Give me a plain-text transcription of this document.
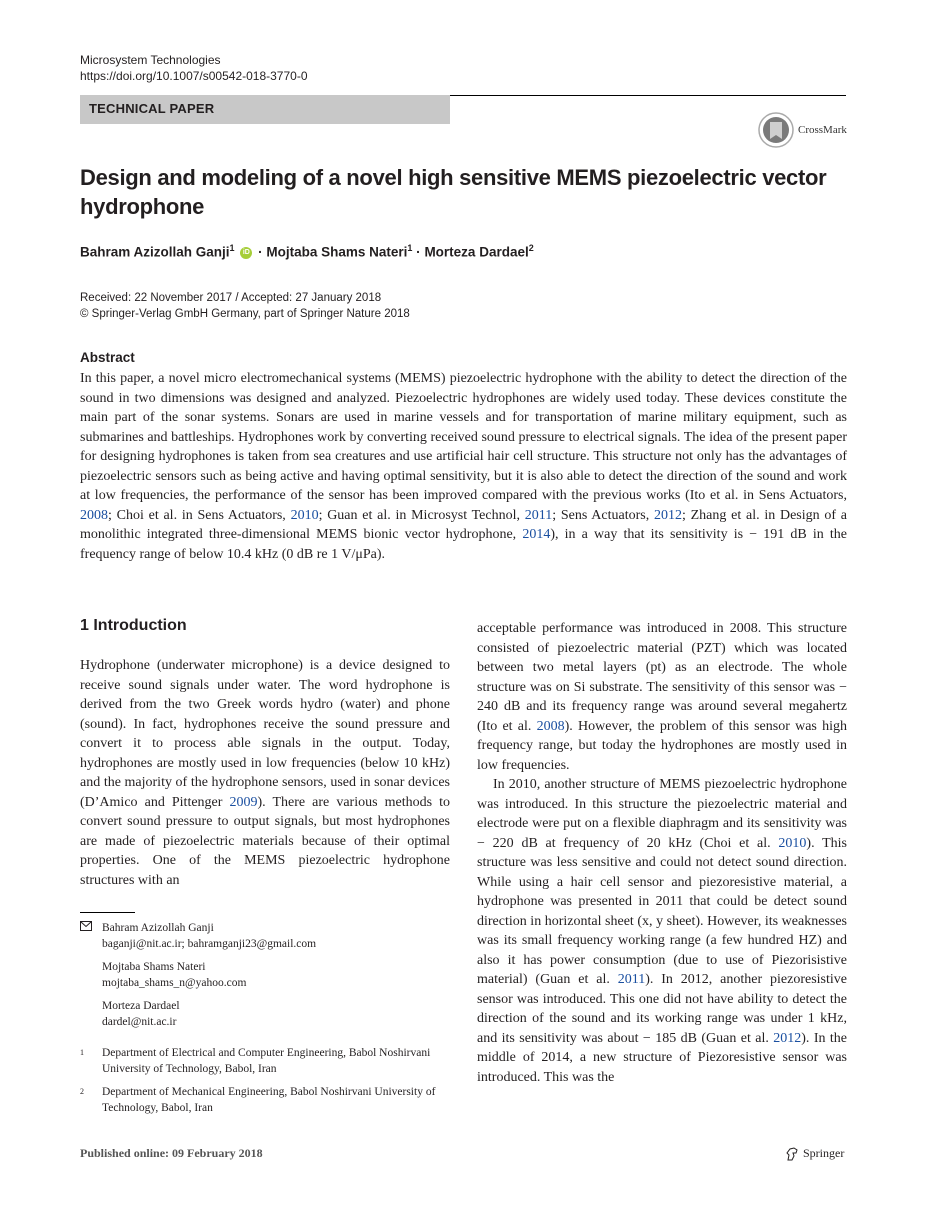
Microsystem Technologies
https://doi.org/10.1007/s00542-018-3770-0
TECHNICAL PAPER
CrossMark
Design and modeling of a novel high sensitive MEMS piezoelectric vector hydrophone
Bahram Azizollah Ganji$^1$ iD · Mojtaba Shams Nateri$^1$ · Morteza Dardael$^2$
Received: 22 November 2017 / Accepted: 27 January 2018
© Springer-Verlag GmbH Germany, part of Springer Nature 2018
Abstract
In this paper, a novel micro electromechanical systems (MEMS) piezoelectric hydrophone with the ability to detect the direction of the sound in two dimensions was designed and analyzed. Piezoelectric hydrophones are widely used today. These devices constitute the main part of the sonar systems. Sonars are used in marine vessels and for transportation of marine military equipment, such as submarines and battleships. Hydrophones work by converting received sound pressure to electrical signals. The idea of the present paper for designing hydrophones is taken from sea creatures and use artificial hair cell structure. This structure not only has the advantages of piezoelectric sensors such as being active and having optimal sensitivity, but it is also able to detect the direction of the sound and work at low frequencies, the performance of the sensor has been improved compared with the previous works (Ito et al. in Sens Actuators, 2008; Choi et al. in Sens Actuators, 2010; Guan et al. in Microsyst Technol, 2011; Sens Actuators, 2012; Zhang et al. in Design of a monolithic integrated three-dimensional MEMS bionic vector hydrophone, 2014), in a way that its sensitivity is − 191 dB in the frequency range of below 10.4 kHz (0 dB re 1 V/μPa).
1 Introduction

Hydrophone (underwater microphone) is a device designed to receive sound signals under water. The word hydrophone is derived from the two Greek words hydro (water) and phone (sound). In fact, hydrophones receive the sound pressure and convert it to process able signals in the output. Today, hydrophones are mostly used in low frequencies (below 10 kHz) and the majority of the hydrophone sensors, used in sonar devices (D’Amico and Pittenger 2009). There are various methods to convert sound pressure to output signals, but most hydrophones are made of piezoelectric materials because of their optimal properties. One of the MEMS piezoelectric hydrophone structures with an

acceptable performance was introduced in 2008. This structure consisted of piezoelectric material (PZT) which was located between two metal layers (pt) as an electrode. The whole structure was on Si substrate. The sensitivity of this sensor was − 240 dB and its frequency range was around several megahertz (Ito et al. 2008). However, the problem of this sensor was high frequency range, but today the hydrophones are mostly used in low frequencies.

In 2010, another structure of MEMS piezoelectric hydrophone was introduced. In this structure the piezoelectric material and electrode were put on a flexible diaphragm and its sensitivity was − 220 dB at frequency of 20 kHz (Choi et al. 2010). This structure was less sensitive and could not detect sound direction. While using a hair cell sensor and piezoresistive material, a hydrophone was presented in 2011 that could be detect sound direction in horizontal sheet (x, y sheet). However, its weaknesses was its small frequency working range (a few hundred HZ) and also it has power consumption (due to use of Piezorisistive material) (Guan et al. 2011). In 2012, another piezoresistive sensor was introduced. This one did not have ability to detect the direction of the sound and its working range was under 1 kHz, and its sensitivity was about − 185 dB (Guan et al. 2012). In the middle of 2014, a new structure of Piezoresistive sensor was introduced. This was the

Bahram Azizollah Ganji
baganji@nit.ac.ir; bahramganji23@gmail.com
Mojtaba Shams Nateri
mojtaba_shams_n@yahoo.com
Morteza Dardael
dardel@nit.ac.ir
$^1$	Department of Electrical and Computer Engineering, Babol Noshirvani University of Technology, Babol, Iran
$^2$	Department of Mechanical Engineering, Babol Noshirvani University of Technology, Babol, Iran
Published online: 09 February 2018	Springer
